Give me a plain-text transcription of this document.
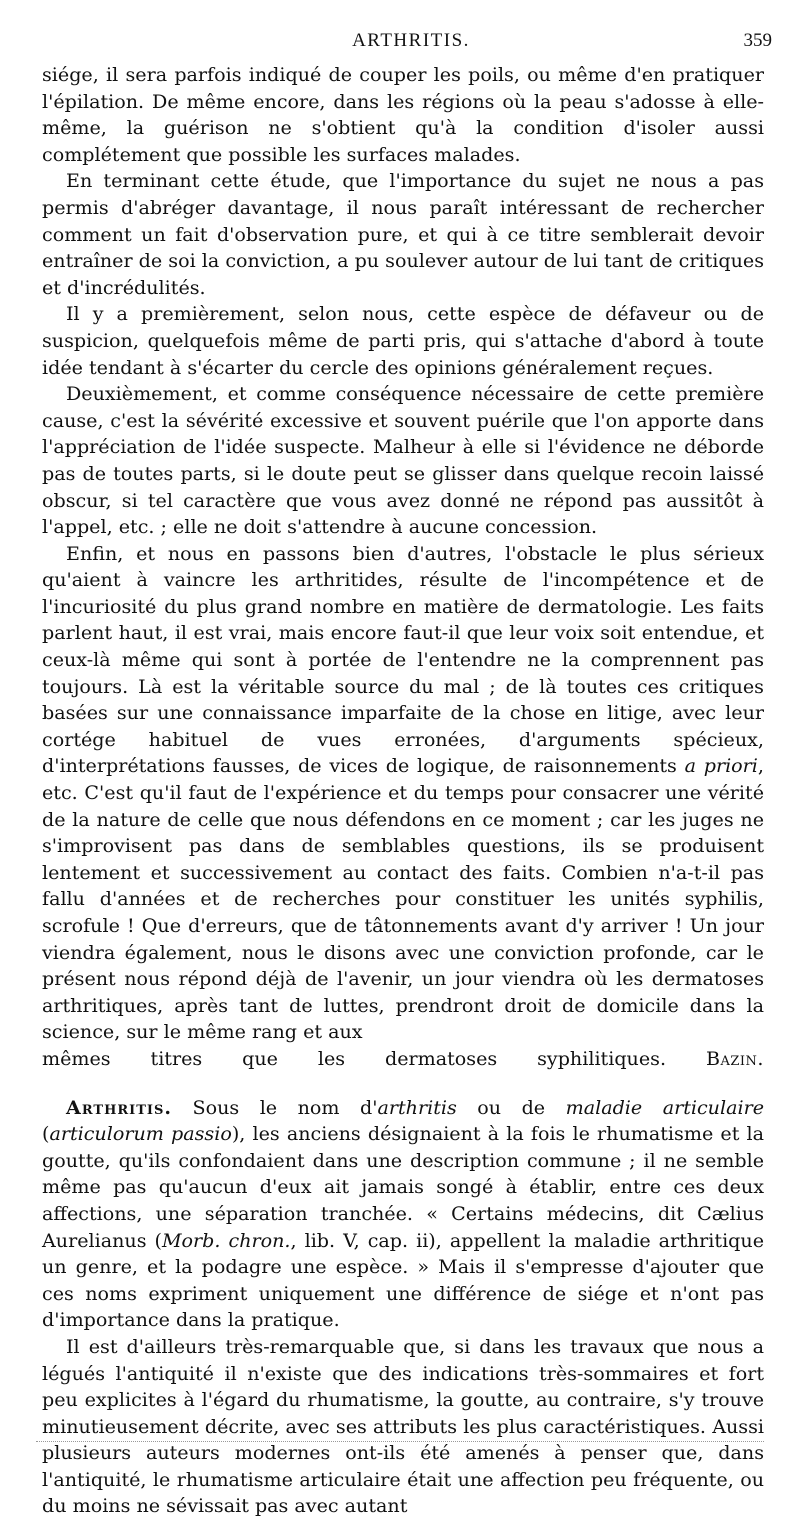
ARTHRITIS.	359

siége, il sera parfois indiqué de couper les poils, ou même d'en pratiquer l'épilation. De même encore, dans les régions où la peau s'adosse à elle-même, la guérison ne s'obtient qu'à la condition d'isoler aussi complétement que possible les surfaces malades.

En terminant cette étude, que l'importance du sujet ne nous a pas permis d'abréger davantage, il nous paraît intéressant de rechercher comment un fait d'observation pure, et qui à ce titre semblerait devoir entraîner de soi la conviction, a pu soulever autour de lui tant de critiques et d'incrédulités.

Il y a premièrement, selon nous, cette espèce de défaveur ou de suspicion, quelquefois même de parti pris, qui s'attache d'abord à toute idée tendant à s'écarter du cercle des opinions généralement reçues.

Deuxièmement, et comme conséquence nécessaire de cette première cause, c'est la sévérité excessive et souvent puérile que l'on apporte dans l'appréciation de l'idée suspecte. Malheur à elle si l'évidence ne déborde pas de toutes parts, si le doute peut se glisser dans quelque recoin laissé obscur, si tel caractère que vous avez donné ne répond pas aussitôt à l'appel, etc. ; elle ne doit s'attendre à aucune concession.

Enfin, et nous en passons bien d'autres, l'obstacle le plus sérieux qu'aient à vaincre les arthritides, résulte de l'incompétence et de l'incuriosité du plus grand nombre en matière de dermatologie. Les faits parlent haut, il est vrai, mais encore faut-il que leur voix soit entendue, et ceux-là même qui sont à portée de l'entendre ne la comprennent pas toujours. Là est la véritable source du mal ; de là toutes ces critiques basées sur une connaissance imparfaite de la chose en litige, avec leur cortége habituel de vues erronées, d'arguments spécieux, d'interprétations fausses, de vices de logique, de raisonnements a priori, etc. C'est qu'il faut de l'expérience et du temps pour consacrer une vérité de la nature de celle que nous défendons en ce moment ; car les juges ne s'improvisent pas dans de semblables questions, ils se produisent lentement et successivement au contact des faits. Combien n'a-t-il pas fallu d'années et de recherches pour constituer les unités syphilis, scrofule ! Que d'erreurs, que de tâtonnements avant d'y arriver ! Un jour viendra également, nous le disons avec une conviction profonde, car le présent nous répond déjà de l'avenir, un jour viendra où les dermatoses arthritiques, après tant de luttes, prendront droit de domicile dans la science, sur le même rang et aux

mêmes titres que les dermatoses syphilitiques. Bazin.

Arthritis. Sous le nom d'arthritis ou de maladie articulaire (articulorum passio), les anciens désignaient à la fois le rhumatisme et la goutte, qu'ils confondaient dans une description commune ; il ne semble même pas qu'aucun d'eux ait jamais songé à établir, entre ces deux affections, une séparation tranchée. « Certains médecins, dit Cælius Aurelianus (Morb. chron., lib. V, cap. ii), appellent la maladie arthritique un genre, et la podagre une espèce. » Mais il s'empresse d'ajouter que ces noms expriment uniquement une différence de siége et n'ont pas d'importance dans la pratique.

Il est d'ailleurs très-remarquable que, si dans les travaux que nous a légués l'antiquité il n'existe que des indications très-sommaires et fort peu explicites à l'égard du rhumatisme, la goutte, au contraire, s'y trouve minutieusement décrite, avec ses attributs les plus caractéristiques. Aussi plusieurs auteurs modernes ont-ils été amenés à penser que, dans l'antiquité, le rhumatisme articulaire était une affection peu fréquente, ou du moins ne sévissait pas avec autant
